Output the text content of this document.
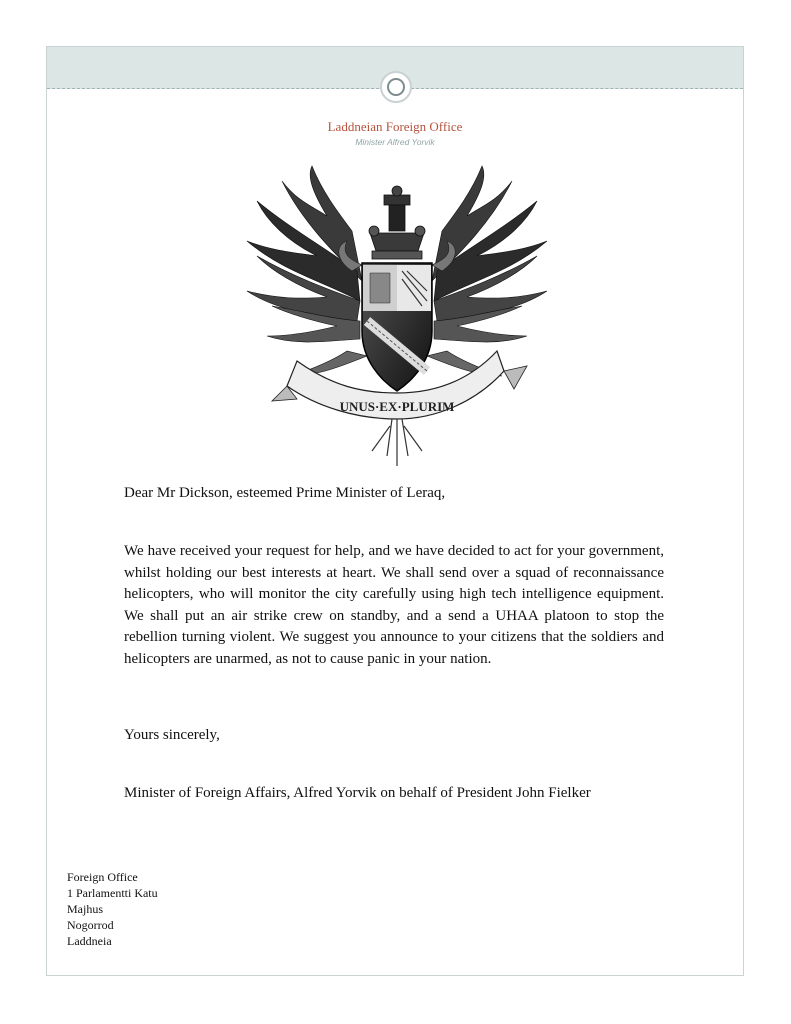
Laddneian Foreign Office
Minister Alfred Yorvik
UNUS·EX·PLURIM
Dear Mr Dickson, esteemed Prime Minister of Leraq,
We have received your request for help, and we have decided to act for your government, whilst holding our best interests at heart. We shall send over a squad of reconnaissance helicopters, who will monitor the city carefully using high tech intelligence equipment. We shall put an air strike crew on standby, and a send a UHAA platoon to stop the rebellion turning violent. We suggest you announce to your citizens that the soldiers and helicopters are unarmed, as not to cause panic in your nation.
Yours sincerely,
Minister of Foreign Affairs, Alfred Yorvik on behalf of President John Fielker
Foreign Office
1 Parlamentti Katu
Majhus
Nogorrod
Laddneia
